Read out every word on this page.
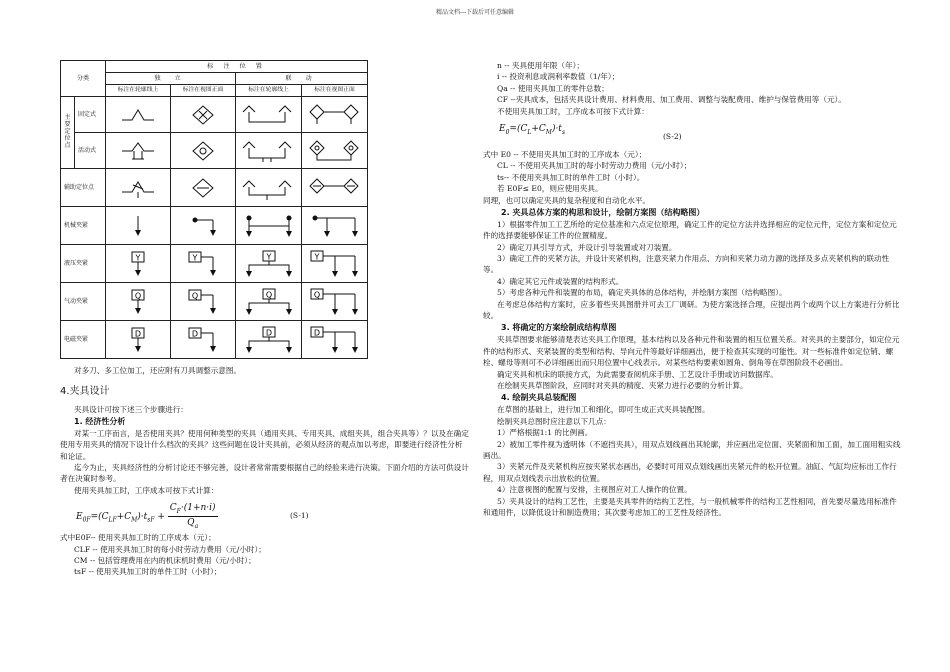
精品文档---下载后可任意编辑
分类		标 注 位 置			
		独 立		联 动	
		标注在轮廓线上	标注在视图正面	标注在轮廓线上	标注在视图正面
主要定位点	固定式	

	活动式	

辅助定位点	

机械夹紧	

液压夹紧		Y	Y	Y	Y

气动夹紧		Q	Q	Q	Q

电磁夹紧		D	D	D	D

对多刀、多工位加工，还应附有刀具调整示意图。

4.夹具设计

夹具设计可按下述三个步骤进行：

1. 经济性分析

对某一工序而言，是否使用夹具？使用何种类型的夹具（通用夹具、专用夹具、成组夹具，组合夹具等）？以及在确定使用专用夹具的情况下设计什么档次的夹具？这些问题在设计夹具前，必须从经济的观点加以考虑，即要进行经济性分析和论证。

迄今为止，夹具经济性的分析讨论还不够完善，设计者常常需要根据自己的经验来进行决策。下面介绍的方法可供设计者在决策时参考。

使用夹具加工时，工序成本可按下式计算：

$E_{0F}=(C_{LF}+C_M)\cdot t_{sF} + \frac{C_F\cdot(1+n\cdot i)}{Q_a}$	(S-1)

式中E0F-- 使用夹具加工时的工序成本（元）；

CLF -- 使用夹具加工时的每小时劳动力费用（元/小时）；

CM -- 包括管理费用在内的机床机时费用（元/小时）；

tsF -- 使用夹具加工时的单件工时（小时）；

n -- 夹具使用年限（年）；

i -- 投资利息或润利率数值（1/年）；

Qa -- 使用夹具加工的零件总数；

CF --夹具成本，包括夹具设计费用、材料费用、加工费用、调整与装配费用、维护与保管费用等（元）。

不使用夹具加工时，工序成本可按下式计算：

$E_0=(C_L+C_M)\cdot t_s$	(S-2)

式中 E0 -- 不使用夹具加工时的工序成本（元）；

CL -- 不使用夹具加工时的每小时劳动力费用（元/小时）；

ts-- 不使用夹具加工时的单件工时（小时）。

若 E0F≤ E0，则应使用夹具。

同理，也可以确定夹具的复杂程度和自动化水平。

2. 夹具总体方案的构思和设计，绘制方案图（结构略图）

1）根据零件加工工艺所给的定位基准和六点定位原理，确定工件的定位方法并选择相应的定位元件，定位方案和定位元件的选择要能够保证工件的位置精度。

2）确定刀具引导方式，并设计引导装置或对刀装置。

3）确定工件的夹紧方法，并设计夹紧机构，注意夹紧力作用点、方向和夹紧力动力源的选择及多点夹紧机构的联动性等。

4）确定其它元件或装置的结构形式。

5）考虑各种元件和装置的布局，确定夹具体的总体结构，并绘制方案图（结构略图）。

在考虑总体结构方案时，应多着些夹具图册并可去工厂调研。为使方案选择合理，应提出两个或两个以上方案进行分析比较。

3. 将确定的方案绘制成结构草图

夹具草图要求能够清楚表达夹具工作原理，基本结构以及各种元件和装置的相互位置关系。对夹具的主要部分，如定位元件的结构形式、夹紧装置的类型和结构、导向元件等最好详细画出，便于检查其实现的可能性。对一些标准件如定位销、螺栓、螺母等则可不必详细画出而只用位置中心线表示。对某些结构要素如圆角、倒角等在草图阶段不必画出。

确定夹具和机床的联接方式，为此需要查阅机床手册、工艺设计手册或访问数据库。

在绘制夹具草图阶段，应同时对夹具的精度、夹紧力进行必要的分析计算。

4. 绘制夹具总装配图

在草图的基础上，进行加工和细化，即可生成正式夹具装配图。

绘制夹具总图时应注意以下几点：

1）严格根据1:1 的比例画。

2）被加工零件视为透明体（不遮挡夹具），用双点划线画出其轮廓，并应画出定位面、夹紧面和加工面，加工面用粗实线画出。

3）夹紧元件及夹紧机构应按夹紧状态画出，必要时可用双点划线画出夹紧元件的松开位置。油缸、气缸均应标出工作行程，用双点划线表示出放松的位置。

4）注意视图的配置与安排，主视图应对工人操作的位置。

5）夹具设计的结构工艺性，主要是夹具零件的结构工艺性，与一般机械零件的结构工艺性相同，首先要尽量选用标准件和通用件，以降低设计和制造费用；其次要考虑加工的工艺性及经济性。
